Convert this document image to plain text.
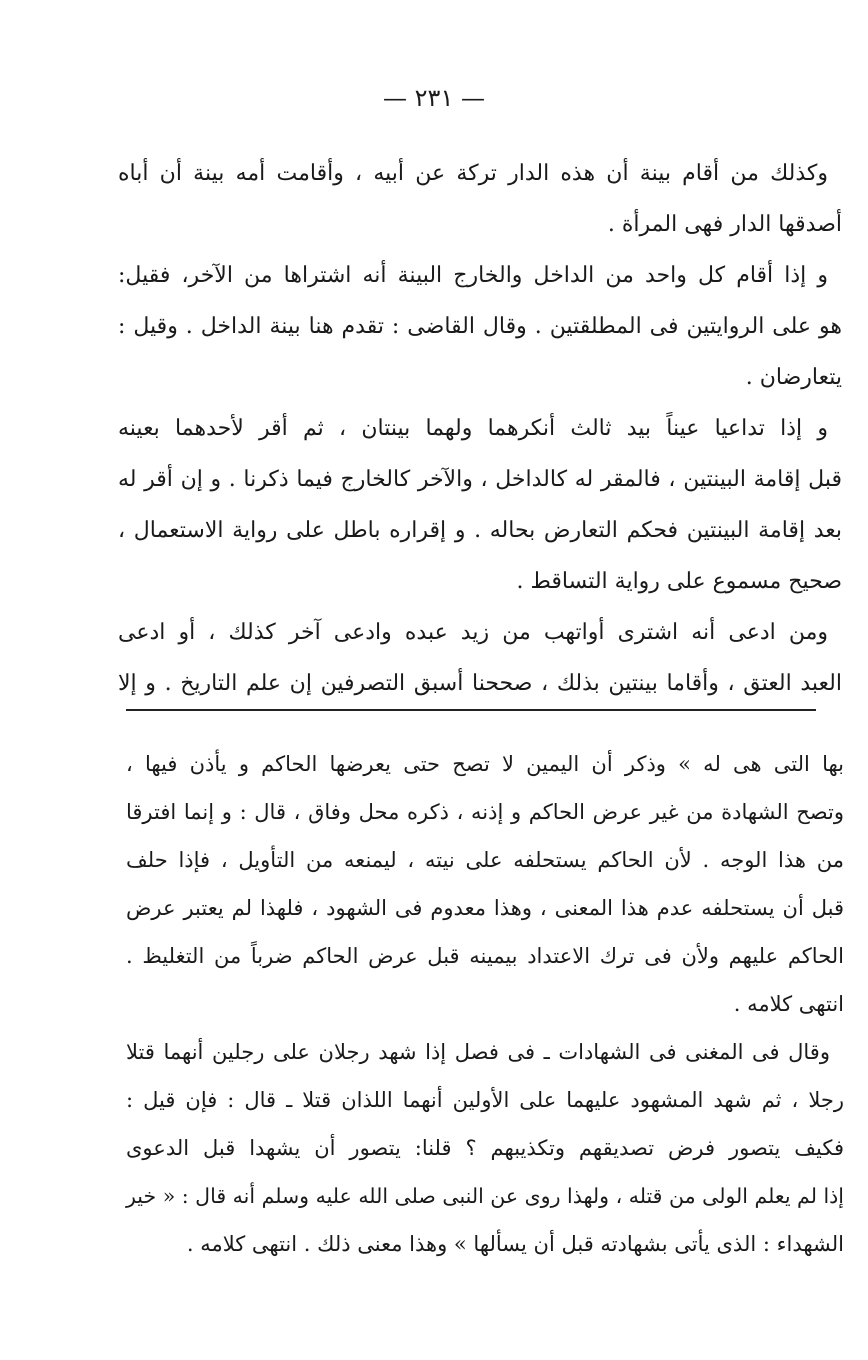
— ٢٣١ —
وكذلك من أقام بينة أن هذه الدار تركة عن أبيه ، وأقامت أمه بينة أن أباه
أصدقها الدار فهى المرأة .
و إذا أقام كل واحد من الداخل والخارج البينة أنه اشتراها من الآخر، فقيل:
هو على الروايتين فى المطلقتين . وقال القاضى : تقدم هنا بينة الداخل . وقيل :
يتعارضان .
و إذا تداعيا عيناً بيد ثالث أنكرهما ولهما بينتان ، ثم أقر لأحدهما بعينه
قبل إقامة البينتين ، فالمقر له كالداخل ، والآخر كالخارج فيما ذكرنا . و إن أقر له
بعد إقامة البينتين فحكم التعارض بحاله . و إقراره باطل على رواية الاستعمال ،
صحيح مسموع على رواية التساقط .
ومن ادعى أنه اشترى أواتهب من زيد عبده وادعى آخر كذلك ، أو ادعى
العبد العتق ، وأقاما بينتين بذلك ، صححنا أسبق التصرفين إن علم التاريخ . و إلا
بها التى هى له » وذكر أن اليمين لا تصح حتى يعرضها الحاكم و يأذن فيها ،
وتصح الشهادة من غير عرض الحاكم و إذنه ، ذكره محل وفاق ، قال : و إنما افترقا
من هذا الوجه . لأن الحاكم يستحلفه على نيته ، ليمنعه من التأويل ، فإذا حلف
قبل أن يستحلفه عدم هذا المعنى ، وهذا معدوم فى الشهود ، فلهذا لم يعتبر عرض
الحاكم عليهم ولأن فى ترك الاعتداد بيمينه قبل عرض الحاكم ضرباً من التغليظ .
انتهى كلامه .
وقال فى المغنى فى الشهادات ـ فى فصل إذا شهد رجلان على رجلين أنهما قتلا
رجلا ، ثم شهد المشهود عليهما على الأولين أنهما اللذان قتلا ـ قال : فإن قيل :
فكيف يتصور فرض تصديقهم وتكذيبهم ؟ قلنا: يتصور أن يشهدا قبل الدعوى
إذا لم يعلم الولى من قتله ، ولهذا روى عن النبى صلى الله عليه وسلم أنه قال : « خير
الشهداء : الذى يأتى بشهادته قبل أن يسألها » وهذا معنى ذلك . انتهى كلامه .
